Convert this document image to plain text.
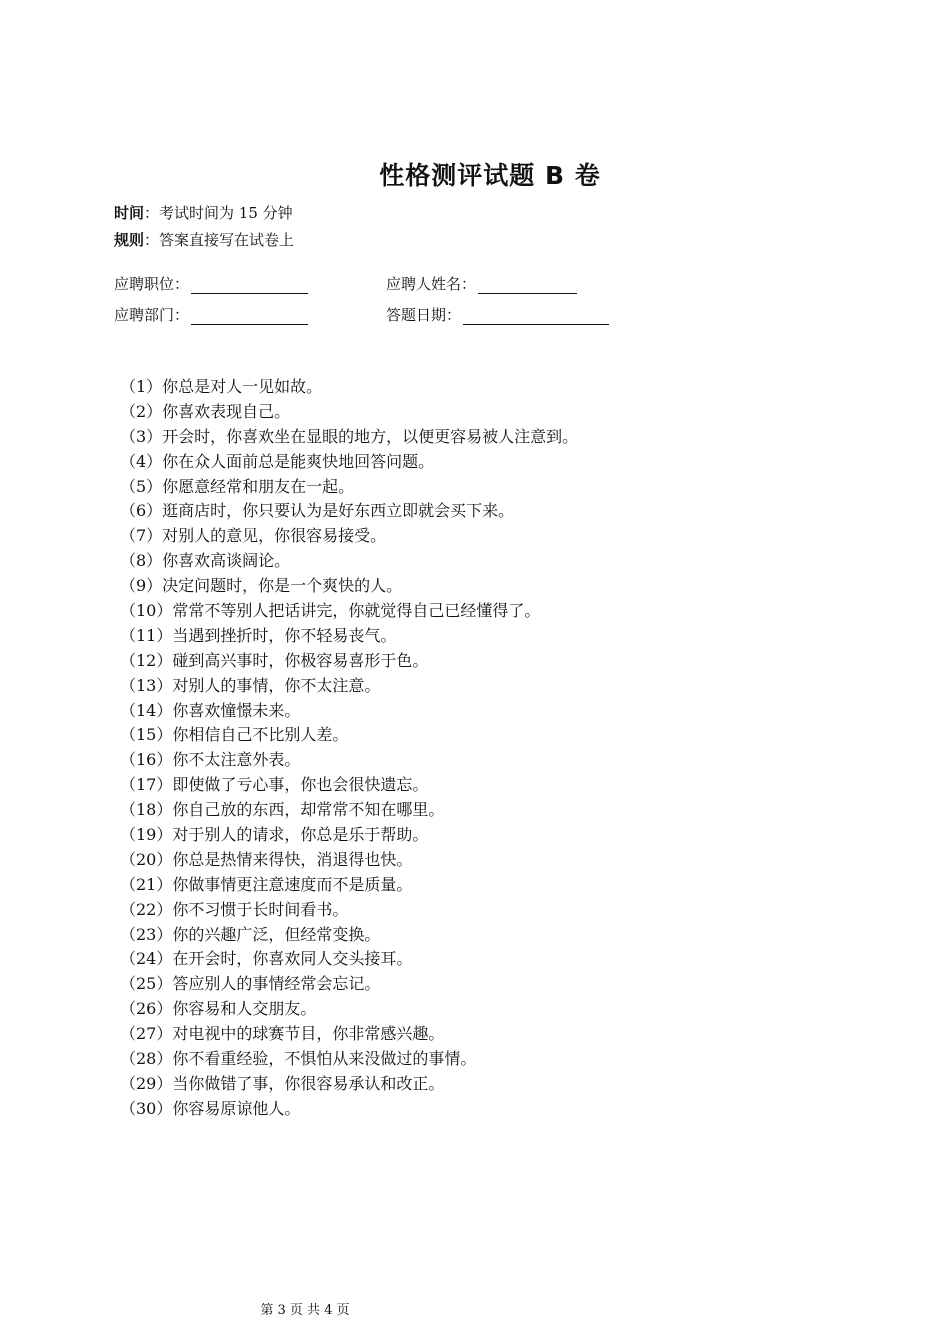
性格测评试题 B 卷
时间：考试时间为 15 分钟
规则：答案直接写在试卷上
应聘职位：	应聘人姓名：
应聘部门：	答题日期：
（1）你总是对人一见如故。
（2）你喜欢表现自己。
（3）开会时，你喜欢坐在显眼的地方，以便更容易被人注意到。
（4）你在众人面前总是能爽快地回答问题。
（5）你愿意经常和朋友在一起。
（6）逛商店时，你只要认为是好东西立即就会买下来。
（7）对别人的意见，你很容易接受。
（8）你喜欢高谈阔论。
（9）决定问题时，你是一个爽快的人。
（10）常常不等别人把话讲完，你就觉得自己已经懂得了。
（11）当遇到挫折时，你不轻易丧气。
（12）碰到高兴事时，你极容易喜形于色。
（13）对别人的事情，你不太注意。
（14）你喜欢憧憬未来。
（15）你相信自己不比别人差。
（16）你不太注意外表。
（17）即使做了亏心事，你也会很快遗忘。
（18）你自己放的东西，却常常不知在哪里。
（19）对于别人的请求，你总是乐于帮助。
（20）你总是热情来得快，消退得也快。
（21）你做事情更注意速度而不是质量。
（22）你不习惯于长时间看书。
（23）你的兴趣广泛，但经常变换。
（24）在开会时，你喜欢同人交头接耳。
（25）答应别人的事情经常会忘记。
（26）你容易和人交朋友。
（27）对电视中的球赛节目，你非常感兴趣。
（28）你不看重经验，不惧怕从来没做过的事情。
（29）当你做错了事，你很容易承认和改正。
（30）你容易原谅他人。
第 3 页 共 4 页
